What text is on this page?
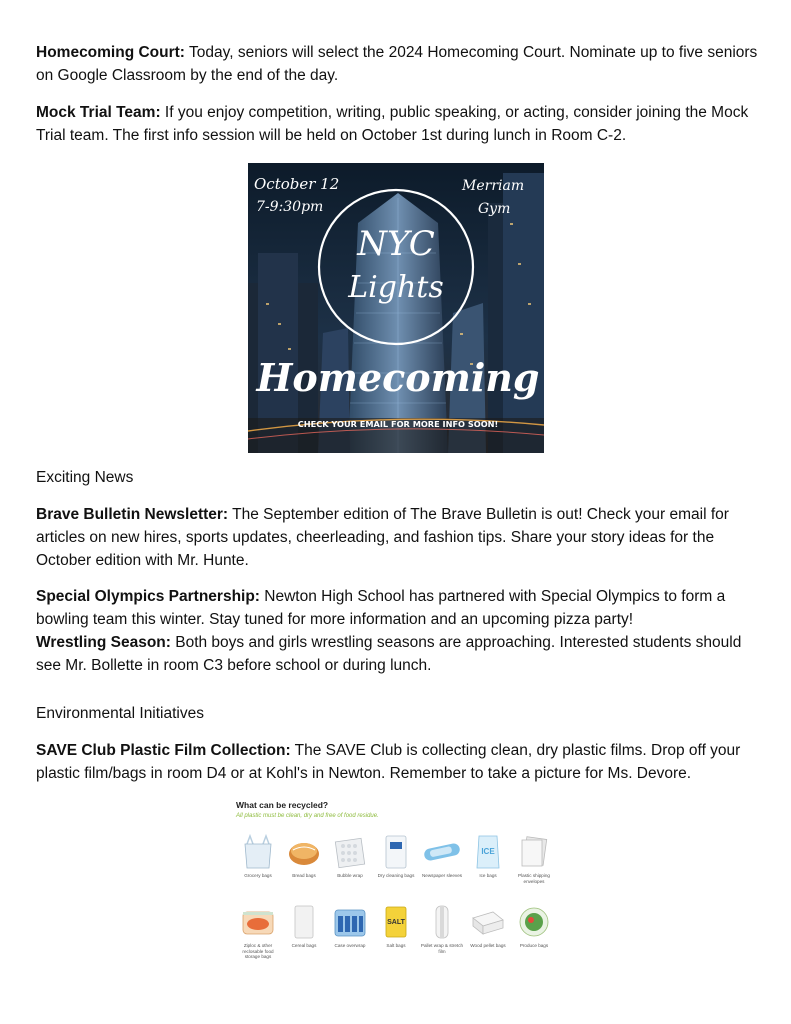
Homecoming Court: Today, seniors will select the 2024 Homecoming Court. Nominate up to five seniors on Google Classroom by the end of the day.

Mock Trial Team: If you enjoy competition, writing, public speaking, or acting, consider joining the Mock Trial team. The first info session will be held on October 1st during lunch in Room C-2.

October 12
7-9:30pm
Merriam
Gym
NYC
Lights
Homecoming
CHECK YOUR EMAIL FOR MORE INFO SOON!

Exciting News

Brave Bulletin Newsletter: The September edition of The Brave Bulletin is out! Check your email for articles on new hires, sports updates, cheerleading, and fashion tips. Share your story ideas for the October edition with Mr. Hunte.

Special Olympics Partnership: Newton High School has partnered with Special Olympics to form a bowling team this winter. Stay tuned for more information and an upcoming pizza party!

Wrestling Season: Both boys and girls wrestling seasons are approaching. Interested students should see Mr. Bollette in room C3 before school or during lunch.

Environmental Initiatives

SAVE Club Plastic Film Collection: The SAVE Club is collecting clean, dry plastic films. Drop off your plastic film/bags in room D4 or at Kohl's in Newton. Remember to take a picture for Ms. Devore.

What can be recycled?
All plastic must be clean, dry and free of food residue.
Grocery bags	Bread bags	Bubble wrap	Dry cleaning bags	Newspaper sleeves
ICE
Ice bags	Plastic shipping envelopes
Ziploc & other reclosable food storage bags
Cereal bags	Case overwrap
SALT
Salt bags	Pallet wrap & stretch film
Wood pellet bags	Produce bags
